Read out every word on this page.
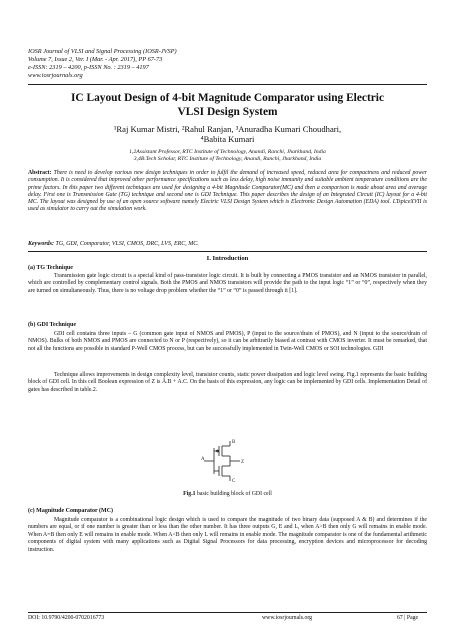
IOSR Journal of VLSI and Signal Processing (IOSR-JVSP)
Volume 7, Issue 2, Ver. I (Mar. - Apr. 2017), PP 67-73
e-ISSN: 2319 – 4200, p-ISSN No. : 2319 – 4197
www.iosrjournals.org
IC Layout Design of 4-bit Magnitude Comparator using Electric
VLSI Design System
¹Raj Kumar Mistri, ²Rahul Ranjan, ³Anuradha Kumari Choudhari,
⁴Babita Kumari
1,2Assistant Professor, RTC Institute of Technology, Anandi, Ranchi, Jharkhand, India
3,4B.Tech Scholar, RTC Institute of Technology, Anandi, Ranchi, Jharkhand, India
Abstract: There is need to develop various new design techniques in order to fulfil the demand of increased speed, reduced area for compactness and reduced power consumption. It is considered that improved other performance specifications such as less delay, high noise immunity and suitable ambient temperature conditions are the prime factors. In this paper two different techniques are used for designing a 4-bit Magnitude Comparator(MC) and then a comparison is made about area and average delay. First one is Transmission Gate (TG) technique and second one is GDI Technique. This paper describes the design of an Integrated Circuit (IC) layout for a 4-bit MC. The layout was designed by use of an open source software namely Electric VLSI Design System which is Electronic Design Automation (EDA) tool. LTspiceXVII is used as simulator to carry out the simulation work.
Keywords: TG, GDI, Comparator, VLSI, CMOS, DRC, LVS, ERC, MC.
I. Introduction
(a) TG Technique
Transmission gate logic circuit is a special kind of pass-transistor logic circuit. It is built by connecting a PMOS transistor and an NMOS transistor in parallel, which are controlled by complementary control signals. Both the PMOS and NMOS transistors will provide the path to the input logic “1” or “0”, respectively when they are turned on simultaneously. Thus, there is no voltage drop problem whether the “1” or “0” is passed through it [1].
(b) GDI Technique
GDI cell contains three inputs – G (common gate input of NMOS and PMOS), P (input to the source/drain of PMOS), and N (input to the source/drain of NMOS). Bulks of both NMOS and PMOS are connected to N or P (respectively), so it can be arbitrarily biased at contrast with CMOS inverter. It must be remarked, that not all the functions are possible in standard P-Well CMOS process, but can be successfully implemented in Twin-Well CMOS or SOI technologies. GDI
Technique allows improvements in design complexity level, transistor counts, static power dissipation and logic level swing. Fig.1 represents the basic building block of GDI cell. In this cell Boolean expression of Z is Ā.B + A.C. On the basis of this expression, any logic can be implemented by GDI cells. Implementation Detail of gates has described in table.2.
A
B
C
Z
Fig.1 basic building block of GDI cell
(c) Magnitude Comparator (MC)
Magnitude comparator is a combinational logic design which is used to compare the magnitude of two binary data (supposed A & B) and determines if the numbers are equal, or if one number is greater than or less than the other number. It has three outputs G, E and L, when A>B then only G will remains in enable mode. When A=B then only E will remains in enable mode. When A<B then only L will remains in enable mode. The magnitude comparator is one of the fundamental arithmetic components of digital system with many applications such as Digital Signal Processors for data processing, encryption devices and microprocessor for decoding instruction.
DOI: 10.9790/4200-0702016773	www.iosrjournals.org	67 | Page
